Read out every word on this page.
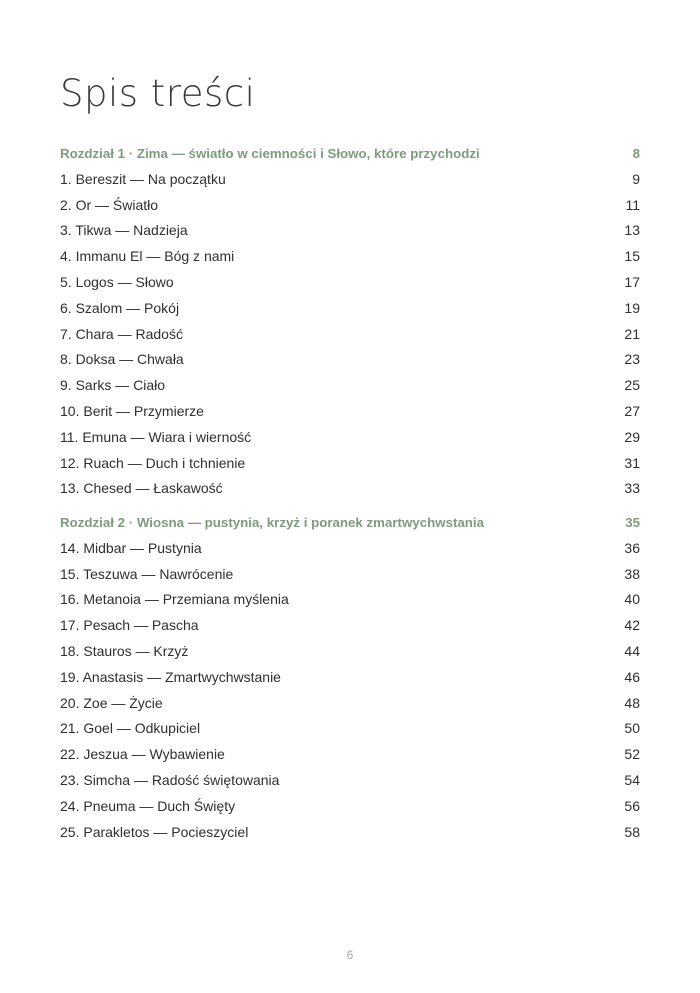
Spis treści
Rozdział 1 · Zima — światło w ciemności i Słowo, które przychodzi	8
1. Bereszit — Na początku	9
2. Or — Światło	11
3. Tikwa — Nadzieja	13
4. Immanu El — Bóg z nami	15
5. Logos — Słowo	17
6. Szalom — Pokój	19
7. Chara — Radość	21
8. Doksa — Chwała	23
9. Sarks — Ciało	25
10. Berit — Przymierze	27
11. Emuna — Wiara i wierność	29
12. Ruach — Duch i tchnienie	31
13. Chesed — Łaskawość	33
Rozdział 2 · Wiosna — pustynia, krzyż i poranek zmartwychwstania	35
14. Midbar — Pustynia	36
15. Teszuwa — Nawrócenie	38
16. Metanoia — Przemiana myślenia	40
17. Pesach — Pascha	42
18. Stauros — Krzyż	44
19. Anastasis — Zmartwychwstanie	46
20. Zoe — Życie	48
21. Goel — Odkupiciel	50
22. Jeszua — Wybawienie	52
23. Simcha — Radość świętowania	54
24. Pneuma — Duch Święty	56
25. Parakletos — Pocieszyciel	58
6
